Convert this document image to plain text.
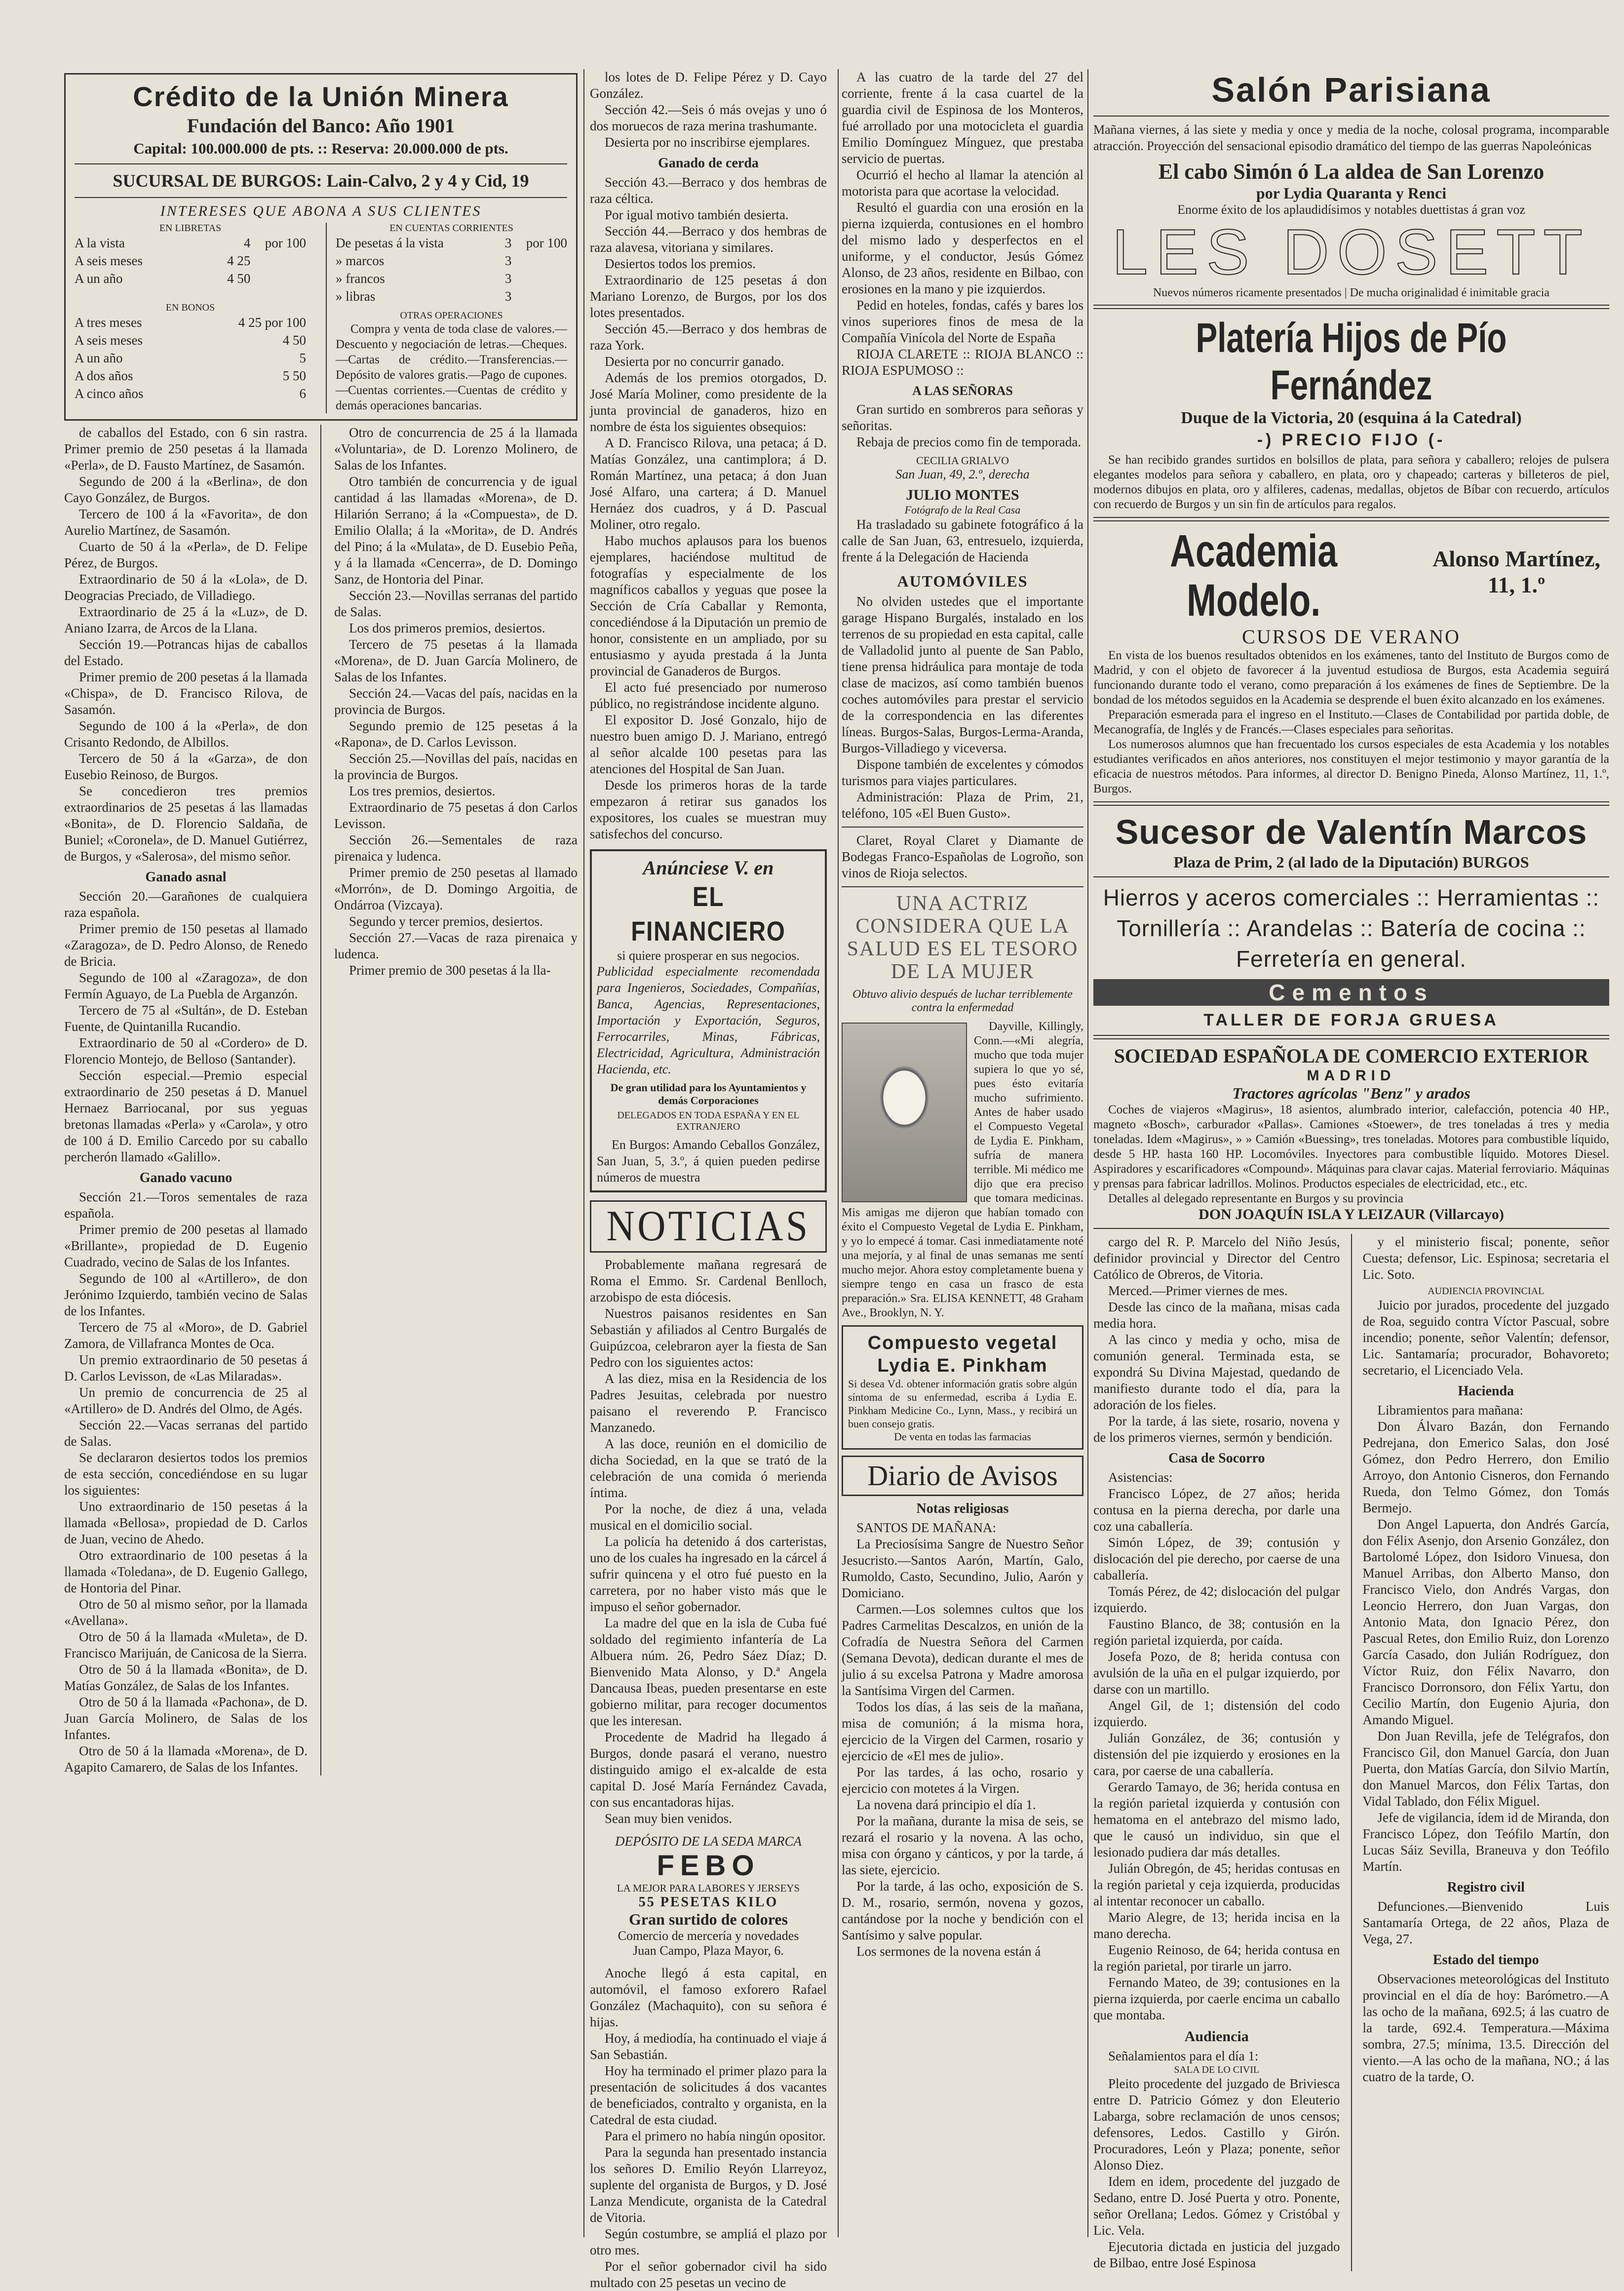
Crédito de la Unión Minera
Fundación del Banco: Año 1901
Capital: 100.000.000 de pts. :: Reserva: 20.000.000 de pts.
SUCURSAL DE BURGOS: Lain-Calvo, 2 y 4 y Cid, 19
INTERESES QUE ABONA A SUS CLIENTES
EN LIBRETAS
A la vista	4	por 100
A seis meses	4 25
A un año	4 50
EN BONOS
A tres meses	4 25 por 100
A seis meses	4 50
A un año	5
A dos años	5 50
A cinco años	6
EN CUENTAS CORRIENTES
De pesetas á la vista	3	por 100
» marcos	3
» francos	3
» libras	3
OTRAS OPERACIONES

Compra y venta de toda clase de valores.—Descuento y negociación de letras.—Cheques.—Cartas de crédito.—Transferencias.—Depósito de valores gratis.—Pago de cupones.—Cuentas corrientes.—Cuentas de crédito y demás operaciones bancarias.

de caballos del Estado, con 6 sin rastra. Primer premio de 250 pesetas á la llamada «Perla», de D. Fausto Martínez, de Sasamón.

Segundo de 200 á la «Berlina», de don Cayo González, de Burgos.

Tercero de 100 á la «Favorita», de don Aurelio Martínez, de Sasamón.

Cuarto de 50 á la «Perla», de D. Felipe Pérez, de Burgos.

Extraordinario de 50 á la «Lola», de D. Deogracias Preciado, de Villadiego.

Extraordinario de 25 á la «Luz», de D. Aniano Izarra, de Arcos de la Llana.

Sección 19.—Potrancas hijas de caballos del Estado.

Primer premio de 200 pesetas á la llamada «Chispa», de D. Francisco Rilova, de Sasamón.

Segundo de 100 á la «Perla», de don Crisanto Redondo, de Albillos.

Tercero de 50 á la «Garza», de don Eusebio Reinoso, de Burgos.

Se concedieron tres premios extraordinarios de 25 pesetas á las llamadas «Bonita», de D. Florencio Saldaña, de Buniel; «Coronela», de D. Manuel Gutiérrez, de Burgos, y «Salerosa», del mismo señor.

Ganado asnal

Sección 20.—Garañones de cualquiera raza española.

Primer premio de 150 pesetas al llamado «Zaragoza», de D. Pedro Alonso, de Renedo de Bricia.

Segundo de 100 al «Zaragoza», de don Fermín Aguayo, de La Puebla de Arganzón.

Tercero de 75 al «Sultán», de D. Esteban Fuente, de Quintanilla Rucandio.

Extraordinario de 50 al «Cordero» de D. Florencio Montejo, de Belloso (Santander).

Sección especial.—Premio especial extraordinario de 250 pesetas á D. Manuel Hernaez Barriocanal, por sus yeguas bretonas llamadas «Perla» y «Carola», y otro de 100 á D. Emilio Carcedo por su caballo percherón llamado «Galillo».

Ganado vacuno

Sección 21.—Toros sementales de raza española.

Primer premio de 200 pesetas al llamado «Brillante», propiedad de D. Eugenio Cuadrado, vecino de Salas de los Infantes.

Segundo de 100 al «Artillero», de don Jerónimo Izquierdo, también vecino de Salas de los Infantes.

Tercero de 75 al «Moro», de D. Gabriel Zamora, de Villafranca Montes de Oca.

Un premio extraordinario de 50 pesetas á D. Carlos Levisson, de «Las Milaradas».

Un premio de concurrencia de 25 al «Artillero» de D. Andrés del Olmo, de Agés.

Sección 22.—Vacas serranas del partido de Salas.

Se declararon desiertos todos los premios de esta sección, concediéndose en su lugar los siguientes:

Uno extraordinario de 150 pesetas á la llamada «Bellosa», propiedad de D. Carlos de Juan, vecino de Ahedo.

Otro extraordinario de 100 pesetas á la llamada «Toledana», de D. Eugenio Gallego, de Hontoria del Pinar.

Otro de 50 al mismo señor, por la llamada «Avellana».

Otro de 50 á la llamada «Muleta», de D. Francisco Marijuán, de Canicosa de la Sierra.

Otro de 50 á la llamada «Bonita», de D. Matías González, de Salas de los Infantes.

Otro de 50 á la llamada «Pachona», de D. Juan García Molinero, de Salas de los Infantes.

Otro de 50 á la llamada «Morena», de D. Agapito Camarero, de Salas de los Infantes.

Otro de concurrencia de 25 á la llamada «Voluntaria», de D. Lorenzo Molinero, de Salas de los Infantes.

Otro también de concurrencia y de igual cantidad á las llamadas «Morena», de D. Hilarión Serrano; á la «Compuesta», de D. Emilio Olalla; á la «Morita», de D. Andrés del Pino; á la «Mulata», de D. Eusebio Peña, y á la llamada «Cencerra», de D. Domingo Sanz, de Hontoria del Pinar.

Sección 23.—Novillas serranas del partido de Salas.

Los dos primeros premios, desiertos.

Tercero de 75 pesetas á la llamada «Morena», de D. Juan García Molinero, de Salas de los Infantes.

Sección 24.—Vacas del país, nacidas en la provincia de Burgos.

Segundo premio de 125 pesetas á la «Rapona», de D. Carlos Levisson.

Sección 25.—Novillas del país, nacidas en la provincia de Burgos.

Los tres premios, desiertos.

Extraordinario de 75 pesetas á don Carlos Levisson.

Sección 26.—Sementales de raza pirenaica y ludenca.

Primer premio de 250 pesetas al llamado «Morrón», de D. Domingo Argoitia, de Ondárroa (Vizcaya).

Segundo y tercer premios, desiertos.

Sección 27.—Vacas de raza pirenaica y ludenca.

Primer premio de 300 pesetas á la lla-

los lotes de D. Felipe Pérez y D. Cayo González.

Sección 42.—Seis ó más ovejas y uno ó dos moruecos de raza merina trashumante.

Desierta por no inscribirse ejemplares.

Ganado de cerda

Sección 43.—Berraco y dos hembras de raza céltica.

Por igual motivo también desierta.

Sección 44.—Berraco y dos hembras de raza alavesa, vitoriana y similares.

Desiertos todos los premios.

Extraordinario de 125 pesetas á don Mariano Lorenzo, de Burgos, por los dos lotes presentados.

Sección 45.—Berraco y dos hembras de raza York.

Desierta por no concurrir ganado.

Además de los premios otorgados, D. José María Moliner, como presidente de la junta provincial de ganaderos, hizo en nombre de ésta los siguientes obsequios:

A D. Francisco Rilova, una petaca; á D. Matías González, una cantimplora; á D. Román Martínez, una petaca; á don Juan José Alfaro, una cartera; á D. Manuel Hernáez dos cuadros, y á D. Pascual Moliner, otro regalo.

Habo muchos aplausos para los buenos ejemplares, haciéndose multitud de fotografías y especialmente de los magníficos caballos y yeguas que posee la Sección de Cría Caballar y Remonta, concediéndose á la Diputación un premio de honor, consistente en un ampliado, por su entusiasmo y ayuda prestada á la Junta provincial de Ganaderos de Burgos.

El acto fué presenciado por numeroso público, no registrándose incidente alguno.

El expositor D. José Gonzalo, hijo de nuestro buen amigo D. J. Mariano, entregó al señor alcalde 100 pesetas para las atenciones del Hospital de San Juan.

Desde los primeros horas de la tarde empezaron á retirar sus ganados los expositores, los cuales se muestran muy satisfechos del concurso.

Anúnciese V. en
EL FINANCIERO
si quiere prosperar en sus negocios.

Publicidad especialmente recomendada para Ingenieros, Sociedades, Compañías, Banca, Agencias, Representaciones, Importación y Exportación, Seguros, Ferrocarriles, Minas, Fábricas, Electricidad, Agricultura, Administración Hacienda, etc.

De gran utilidad para los Ayuntamientos y demás Corporaciones
DELEGADOS EN TODA ESPAÑA Y EN EL EXTRANJERO

En Burgos: Amando Ceballos González, San Juan, 5, 3.º, á quien pueden pedirse números de muestra

NOTICIAS

Probablemente mañana regresará de Roma el Emmo. Sr. Cardenal Benlloch, arzobispo de esta diócesis.

Nuestros paisanos residentes en San Sebastián y afiliados al Centro Burgalés de Guipúzcoa, celebraron ayer la fiesta de San Pedro con los siguientes actos:

A las diez, misa en la Residencia de los Padres Jesuitas, celebrada por nuestro paisano el reverendo P. Francisco Manzanedo.

A las doce, reunión en el domicilio de dicha Sociedad, en la que se trató de la celebración de una comida ó merienda íntima.

Por la noche, de diez á una, velada musical en el domicilio social.

La policía ha detenido á dos carteristas, uno de los cuales ha ingresado en la cárcel á sufrir quincena y el otro fué puesto en la carretera, por no haber visto más que le impuso el señor gobernador.

La madre del que en la isla de Cuba fué soldado del regimiento infantería de La Albuera núm. 26, Pedro Sáez Díaz; D. Bienvenido Mata Alonso, y D.ª Angela Dancausa Ibeas, pueden presentarse en este gobierno militar, para recoger documentos que les interesan.

Procedente de Madrid ha llegado á Burgos, donde pasará el verano, nuestro distinguido amigo el ex-alcalde de esta capital D. José María Fernández Cavada, con sus encantadoras hijas.

Sean muy bien venidos.

DEPÓSITO DE LA SEDA MARCA
FEBO
LA MEJOR PARA LABORES Y JERSEYS
55 PESETAS KILO
Gran surtido de colores
Comercio de mercería y novedades
Juan Campo, Plaza Mayor, 6.

Anoche llegó á esta capital, en automóvil, el famoso exforero Rafael González (Machaquito), con su señora é hijas.

Hoy, á mediodía, ha continuado el viaje á San Sebastián.

Hoy ha terminado el primer plazo para la presentación de solicitudes á dos vacantes de beneficiados, contralto y organista, en la Catedral de esta ciudad.

Para el primero no había ningún opositor.

Para la segunda han presentado instancia los señores D. Emilio Reyón Llarreyoz, suplente del organista de Burgos, y D. José Lanza Mendicute, organista de la Catedral de Vitoria.

Según costumbre, se ampliá el plazo por otro mes.

Por el señor gobernador civil ha sido multado con 25 pesetas un vecino de

A las cuatro de la tarde del 27 del corriente, frente á la casa cuartel de la guardia civil de Espinosa de los Monteros, fué arrollado por una motocicleta el guardia Emilio Domínguez Mínguez, que prestaba servicio de puertas.

Ocurrió el hecho al llamar la atención al motorista para que acortase la velocidad.

Resultó el guardia con una erosión en la pierna izquierda, contusiones en el hombro del mismo lado y desperfectos en el uniforme, y el conductor, Jesús Gómez Alonso, de 23 años, residente en Bilbao, con erosiones en la mano y pie izquierdos.

Pedid en hoteles, fondas, cafés y bares los vinos superiores finos de mesa de la Compañía Vinícola del Norte de España

RIOJA CLARETE :: RIOJA BLANCO :: RIOJA ESPUMOSO ::

A LAS SEÑORAS

Gran surtido en sombreros para señoras y señoritas.

Rebaja de precios como fin de temporada.

CECILIA GRIALVO
San Juan, 49, 2.º, derecha
JULIO MONTES
Fotógrafo de la Real Casa

Ha trasladado su gabinete fotográfico á la calle de San Juan, 63, entresuelo, izquierda, frente á la Delegación de Hacienda

AUTOMÓVILES

No olviden ustedes que el importante garage Hispano Burgalés, instalado en los terrenos de su propiedad en esta capital, calle de Valladolid junto al puente de San Pablo, tiene prensa hidráulica para montaje de toda clase de macizos, así como también buenos coches automóviles para prestar el servicio de la correspondencia en las diferentes líneas. Burgos-Salas, Burgos-Lerma-Aranda, Burgos-Villadiego y viceversa.

Dispone también de excelentes y cómodos turismos para viajes particulares.

Administración: Plaza de Prim, 21, teléfono, 105 «El Buen Gusto».

Claret, Royal Claret y Diamante de Bodegas Franco-Españolas de Logroño, son vinos de Rioja selectos.

UNA ACTRIZ CONSIDERA QUE LA SALUD ES EL TESORO DE LA MUJER
Obtuvo alivio después de luchar terriblemente contra la enfermedad

Dayville, Killingly, Conn.—«Mi alegría, mucho que toda mujer supiera lo que yo sé, pues ésto evitaría mucho sufrimiento. Antes de haber usado el Compuesto Vegetal de Lydia E. Pinkham, sufría de manera terrible. Mi médico me dijo que era preciso que tomara medicinas. Mis amigas me dijeron que habían tomado con éxito el Compuesto Vegetal de Lydia E. Pinkham, y yo lo empecé á tomar. Casi inmediatamente noté una mejoría, y al final de unas semanas me sentí mucho mejor. Ahora estoy completamente buena y siempre tengo en casa un frasco de esta preparación.» Sra. ELISA KENNETT, 48 Graham Ave., Brooklyn, N. Y.

Compuesto vegetal Lydia E. Pinkham

Si desea Vd. obtener información gratis sobre algún síntoma de su enfermedad, escriba á Lydia E. Pinkham Medicine Co., Lynn, Mass., y recibirá un buen consejo gratis.

De venta en todas las farmacias
Diario de Avisos
Notas religiosas

SANTOS DE MAÑANA:

La Preciosísima Sangre de Nuestro Señor Jesucristo.—Santos Aarón, Martín, Galo, Rumoldo, Casto, Secundino, Julio, Aarón y Domiciano.

Carmen.—Los solemnes cultos que los Padres Carmelitas Descalzos, en unión de la Cofradía de Nuestra Señora del Carmen (Semana Devota), dedican durante el mes de julio á su excelsa Patrona y Madre amorosa la Santísima Virgen del Carmen.

Todos los días, á las seis de la mañana, misa de comunión; á la misma hora, ejercicio de la Virgen del Carmen, rosario y ejercicio de «El mes de julio».

Por las tardes, á las ocho, rosario y ejercicio con motetes á la Virgen.

La novena dará principio el día 1.

Por la mañana, durante la misa de seis, se rezará el rosario y la novena. A las ocho, misa con órgano y cánticos, y por la tarde, á las siete, ejercicio.

Por la tarde, á las ocho, exposición de S. D. M., rosario, sermón, novena y gozos, cantándose por la noche y bendición con el Santísimo y salve popular.

Los sermones de la novena están á

Salón Parisiana

Mañana viernes, á las siete y media y once y media de la noche, colosal programa, incomparable atracción. Proyección del sensacional episodio dramático del tiempo de las guerras Napoleónicas

El cabo Simón ó La aldea de San Lorenzo
por Lydia Quaranta y Renci
Enorme éxito de los aplaudidísimos y notables duettistas á gran voz
LES DOSETT
Nuevos números ricamente presentados | De mucha originalidad é inimitable gracia
Platería Hijos de Pío Fernández
Duque de la Victoria, 20 (esquina á la Catedral)
-) PRECIO FIJO (-

Se han recibido grandes surtidos en bolsillos de plata, para señora y caballero; relojes de pulsera elegantes modelos para señora y caballero, en plata, oro y chapeado; carteras y billeteros de piel, modernos dibujos en plata, oro y alfileres, cadenas, medallas, objetos de Bíbar con recuerdo, artículos con recuerdo de Burgos y un sin fin de artículos para regalos.

Academia Modelo.
Alonso Martínez, 11, 1.º
CURSOS DE VERANO

En vista de los buenos resultados obtenidos en los exámenes, tanto del Instituto de Burgos como de Madrid, y con el objeto de favorecer á la juventud estudiosa de Burgos, esta Academia seguirá funcionando durante todo el verano, como preparación á los exámenes de fines de Septiembre. De la bondad de los métodos seguidos en la Academia se desprende el buen éxito alcanzado en los exámenes.

Preparación esmerada para el ingreso en el Instituto.—Clases de Contabilidad por partida doble, de Mecanografía, de Inglés y de Francés.—Clases especiales para señoritas.

Los numerosos alumnos que han frecuentado los cursos especiales de esta Academia y los notables estudiantes verificados en años anteriores, nos constituyen el mejor testimonio y mayor garantía de la eficacia de nuestros métodos. Para informes, al director D. Benigno Pineda, Alonso Martínez, 11, 1.º, Burgos.

Sucesor de Valentín Marcos
Plaza de Prim, 2 (al lado de la Diputación) BURGOS
Hierros y aceros comerciales :: Herramientas :: Tornillería :: Arandelas :: Batería de cocina :: Ferretería en general.
Cementos
TALLER DE FORJA GRUESA
SOCIEDAD ESPAÑOLA DE COMERCIO EXTERIOR
MADRID
Tractores agrícolas "Benz" y arados

Coches de viajeros «Magirus», 18 asientos, alumbrado interior, calefacción, potencia 40 HP., magneto «Bosch», carburador «Pallas». Camiones «Stoewer», de tres toneladas á tres y media toneladas. Idem «Magirus», » » Camión «Buessing», tres toneladas. Motores para combustible líquido, desde 5 HP. hasta 160 HP. Locomóviles. Inyectores para combustible líquido. Motores Diesel. Aspiradores y escarificadores «Compound». Máquinas para clavar cajas. Material ferroviario. Máquinas y prensas para fabricar ladrillos. Molinos. Productos especiales de electricidad, etc., etc.

Detalles al delegado representante en Burgos y su provincia

DON JOAQUÍN ISLA Y LEIZAUR (Villarcayo)

cargo del R. P. Marcelo del Niño Jesús, definidor provincial y Director del Centro Católico de Obreros, de Vitoria.

Merced.—Primer viernes de mes.

Desde las cinco de la mañana, misas cada media hora.

A las cinco y media y ocho, misa de comunión general. Terminada esta, se expondrá Su Divina Majestad, quedando de manifiesto durante todo el día, para la adoración de los fieles.

Por la tarde, á las siete, rosario, novena y de los primeros viernes, sermón y bendición.

Casa de Socorro

Asistencias:

Francisco López, de 27 años; herida contusa en la pierna derecha, por darle una coz una caballería.

Simón López, de 39; contusión y dislocación del pie derecho, por caerse de una caballería.

Tomás Pérez, de 42; dislocación del pulgar izquierdo.

Faustino Blanco, de 38; contusión en la región parietal izquierda, por caída.

Josefa Pozo, de 8; herida contusa con avulsión de la uña en el pulgar izquierdo, por darse con un martillo.

Angel Gil, de 1; distensión del codo izquierdo.

Julián González, de 36; contusión y distensión del pie izquierdo y erosiones en la cara, por caerse de una caballería.

Gerardo Tamayo, de 36; herida contusa en la región parietal izquierda y contusión con hematoma en el antebrazo del mismo lado, que le causó un individuo, sin que el lesionado pudiera dar más detalles.

Julián Obregón, de 45; heridas contusas en la región parietal y ceja izquierda, producidas al intentar reconocer un caballo.

Mario Alegre, de 13; herida incisa en la mano derecha.

Eugenio Reinoso, de 64; herida contusa en la región parietal, por tirarle un jarro.

Fernando Mateo, de 39; contusiones en la pierna izquierda, por caerle encima un caballo que montaba.

Audiencia

Señalamientos para el día 1:

SALA DE LO CIVIL

Pleito procedente del juzgado de Briviesca entre D. Patricio Gómez y don Eleuterio Labarga, sobre reclamación de unos censos; defensores, Ledos. Castillo y Girón. Procuradores, León y Plaza; ponente, señor Alonso Diez.

Idem en idem, procedente del juzgado de Sedano, entre D. José Puerta y otro. Ponente, señor Orellana; Ledos. Gómez y Cristóbal y Lic. Vela.

Ejecutoria dictada en justicia del juzgado de Bilbao, entre José Espinosa

y el ministerio fiscal; ponente, señor Cuesta; defensor, Lic. Espinosa; secretaria el Lic. Soto.

AUDIENCIA PROVINCIAL

Juicio por jurados, procedente del juzgado de Roa, seguido contra Víctor Pascual, sobre incendio; ponente, señor Valentín; defensor, Lic. Santamaría; procurador, Bohavoreto; secretario, el Licenciado Vela.

Hacienda

Libramientos para mañana:

Don Álvaro Bazán, don Fernando Pedrejana, don Emerico Salas, don José Gómez, don Pedro Herrero, don Emilio Arroyo, don Antonio Cisneros, don Fernando Rueda, don Telmo Gómez, don Tomás Bermejo.

Don Angel Lapuerta, don Andrés García, don Félix Asenjo, don Arsenio González, don Bartolomé López, don Isidoro Vinuesa, don Manuel Arribas, don Alberto Manso, don Francisco Vielo, don Andrés Vargas, don Leoncio Herrero, don Juan Vargas, don Antonio Mata, don Ignacio Pérez, don Pascual Retes, don Emilio Ruiz, don Lorenzo García Casado, don Julián Rodríguez, don Víctor Ruiz, don Félix Navarro, don Francisco Dorronsoro, don Félix Yartu, don Cecilio Martín, don Eugenio Ajuria, don Amando Miguel.

Don Juan Revilla, jefe de Telégrafos, don Francisco Gil, don Manuel García, don Juan Puerta, don Matías García, don Silvio Martín, don Manuel Marcos, don Félix Tartas, don Vidal Tablado, don Félix Miguel.

Jefe de vigilancia, ídem id de Miranda, don Francisco López, don Teófilo Martín, don Lucas Sáiz Sevilla, Braneuva y don Teófilo Martín.

Registro civil

Defunciones.—Bienvenido Luis Santamaría Ortega, de 22 años, Plaza de Vega, 27.

Estado del tiempo

Observaciones meteorológicas del Instituto provincial en el día de hoy: Barómetro.—A las ocho de la mañana, 692.5; á las cuatro de la tarde, 692.4. Temperatura.—Máxima sombra, 27.5; mínima, 13.5. Dirección del viento.—A las ocho de la mañana, NO.; á las cuatro de la tarde, O.
